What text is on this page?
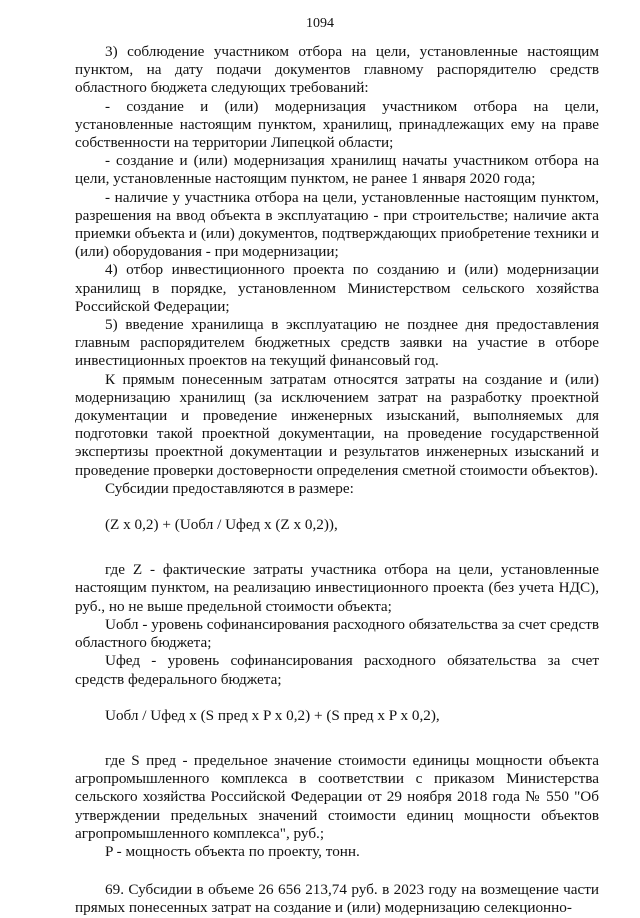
1094

3) соблюдение участником отбора на цели, установленные настоящим пунктом, на дату подачи документов главному распорядителю средств областного бюджета следующих требований:

- создание и (или) модернизация участником отбора на цели, установленные настоящим пунктом, хранилищ, принадлежащих ему на праве собственности на территории Липецкой области;

- создание и (или) модернизация хранилищ начаты участником отбора на цели, установленные настоящим пунктом, не ранее 1 января 2020 года;

- наличие у участника отбора на цели, установленные настоящим пунктом, разрешения на ввод объекта в эксплуатацию - при строительстве; наличие акта приемки объекта и (или) документов, подтверждающих приобретение техники и (или) оборудования - при модернизации;

4) отбор инвестиционного проекта по созданию и (или) модернизации хранилищ в порядке, установленном Министерством сельского хозяйства Российской Федерации;

5) введение хранилища в эксплуатацию не позднее дня предоставления главным распорядителем бюджетных средств заявки на участие в отборе инвестиционных проектов на текущий финансовый год.

К прямым понесенным затратам относятся затраты на создание и (или) модернизацию хранилищ (за исключением затрат на разработку проектной документации и проведение инженерных изысканий, выполняемых для подготовки такой проектной документации, на проведение государственной экспертизы проектной документации и результатов инженерных изысканий и проведение проверки достоверности определения сметной стоимости объектов).

Субсидии предоставляются в размере:

(Z x 0,2) + (Uобл / Uфед x (Z x 0,2)),

где Z - фактические затраты участника отбора на цели, установленные настоящим пунктом, на реализацию инвестиционного проекта (без учета НДС), руб., но не выше предельной стоимости объекта;

Uобл - уровень софинансирования расходного обязательства за счет средств областного бюджета;

Uфед - уровень софинансирования расходного обязательства за счет средств федерального бюджета;

Uобл / Uфед x (S пред x P x 0,2) + (S пред x P x 0,2),

где S пред - предельное значение стоимости единицы мощности объекта агропромышленного комплекса в соответствии с приказом Министерства сельского хозяйства Российской Федерации от 29 ноября 2018 года № 550 "Об утверждении предельных значений стоимости единиц мощности объектов агропромышленного комплекса", руб.;

P - мощность объекта по проекту, тонн.

69. Субсидии в объеме 26 656 213,74 руб. в 2023 году на возмещение части прямых понесенных затрат на создание и (или) модернизацию селекционно-
